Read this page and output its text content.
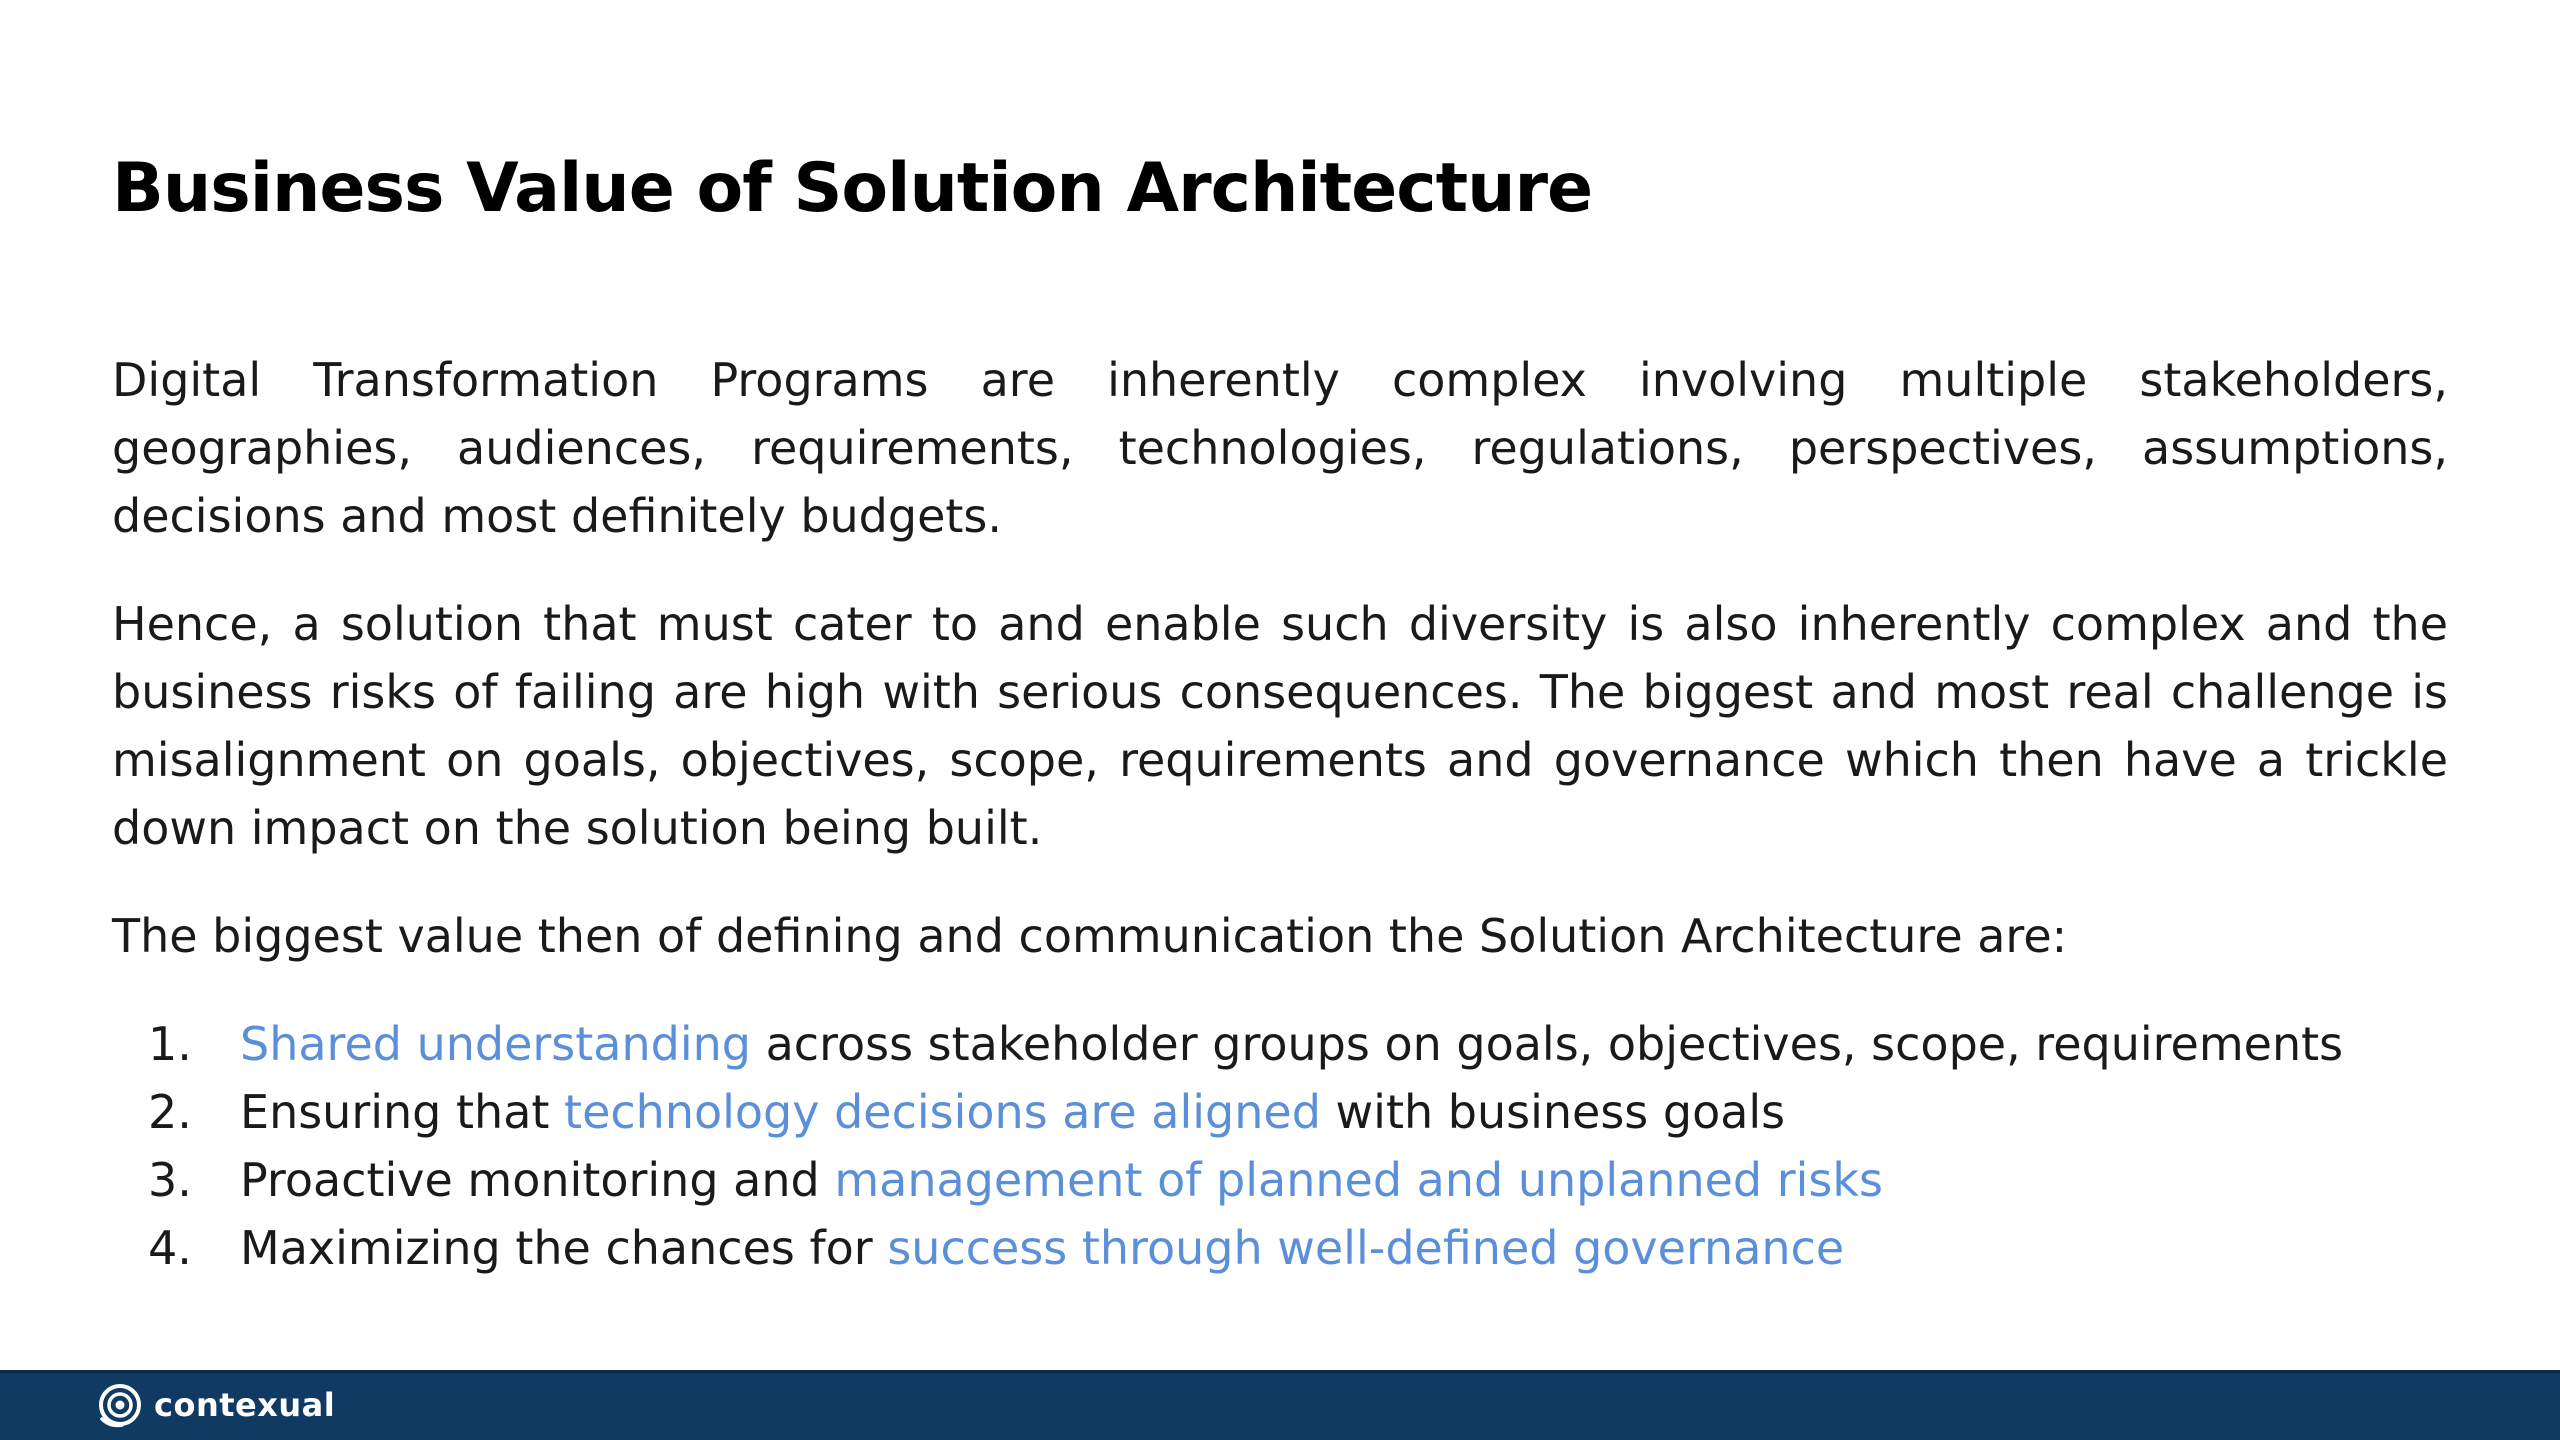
Business Value of Solution Architecture

Digital Transformation Programs are inherently complex involving multiple stakeholders, geographies, audiences, requirements, technologies, regulations, perspectives, assumptions, decisions and most definitely budgets.

Hence, a solution that must cater to and enable such diversity is also inherently complex and the business risks of failing are high with serious consequences. The biggest and most real challenge is misalignment on goals, objectives, scope, requirements and governance which then have a trickle down impact on the solution being built.

The biggest value then of defining and communication the Solution Architecture are:

1. Shared understanding across stakeholder groups on goals, objectives, scope, requirements
2. Ensuring that technology decisions are aligned with business goals
3. Proactive monitoring and management of planned and unplanned risks
4. Maximizing the chances for success through well-defined governance
contexual
